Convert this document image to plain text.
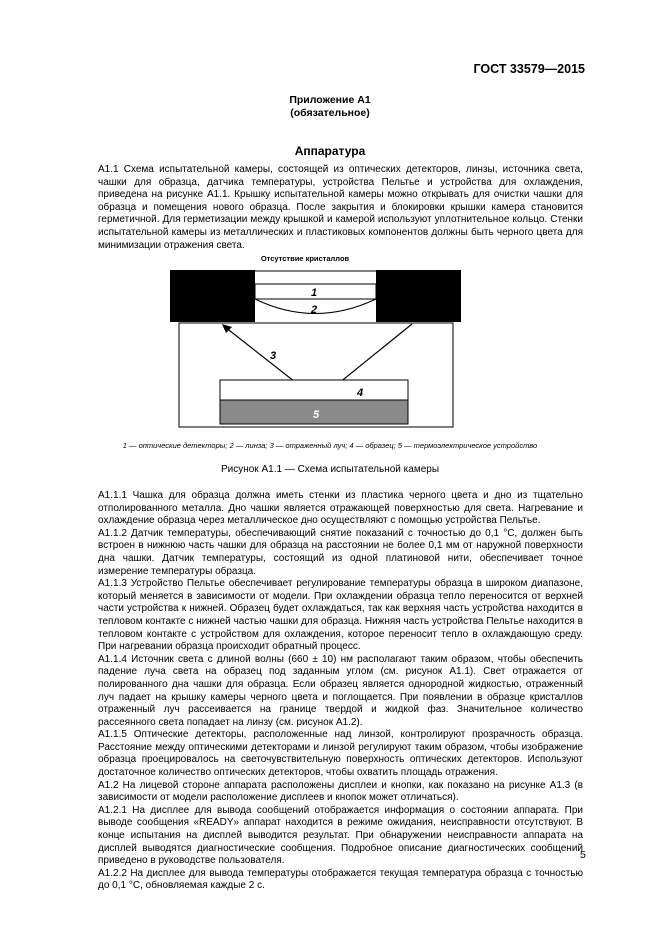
ГОСТ 33579—2015
Приложение А1
(обязательное)
Аппаратура

А1.1 Схема испытательной камеры, состоящей из оптических детекторов, линзы, источника света, чашки для образца, датчика температуры, устройства Пельтье и устройства для охлаждения, приведена на рисунке А1.1. Крышку испытательной камеры можно открывать для очистки чашки для образца и помещения нового образца. После закрытия и блокировки крышки камера становится герметичной. Для герметизации между крышкой и камерой используют уплотнительное кольцо. Стенки испытательной камеры из металлических и пластиковых компонентов должны быть черного цвета для минимизации отражения света.

Отсутствие кристаллов
1
2
3
4
5
1 — оптические детекторы; 2 — линза; 3 — отраженный луч; 4 — образец; 5 — термоэлектрическое устройство
Рисунок А1.1 — Схема испытательной камеры

А1.1.1 Чашка для образца должна иметь стенки из пластика черного цвета и дно из тщательно отполированного металла. Дно чашки является отражающей поверхностью для света. Нагревание и охлаждение образца через металлическое дно осуществляют с помощью устройства Пельтье.

А1.1.2 Датчик температуры, обеспечивающий снятие показаний с точностью до 0,1 °С, должен быть встроен в нижнюю часть чашки для образца на расстоянии не более 0,1 мм от наружной поверхности дна чашки. Датчик температуры, состоящий из одной платиновой нити, обеспечивает точное измерение температуры образца.

А1.1.3 Устройство Пельтье обеспечивает регулирование температуры образца в широком диапазоне, который меняется в зависимости от модели. При охлаждении образца тепло переносится от верхней части устройства к нижней. Образец будет охлаждаться, так как верхняя часть устройства находится в тепловом контакте с нижней частью чашки для образца. Нижняя часть устройства Пельтье находится в тепловом контакте с устройством для охлаждения, которое переносит тепло в охлаждающую среду. При нагревании образца происходит обратный процесс.

А1.1.4 Источник света с длиной волны (660 ± 10) нм располагают таким образом, чтобы обеспечить падение луча света на образец под заданным углом (см. рисунок А1.1). Свет отражается от полированного дна чашки для образца. Если образец является однородной жидкостью, отраженный луч падает на крышку камеры черного цвета и поглощается. При появлении в образце кристаллов отраженный луч рассеивается на границе твердой и жидкой фаз. Значительное количество рассеянного света попадает на линзу (см. рисунок А1.2).

А1.1.5 Оптические детекторы, расположенные над линзой, контролируют прозрачность образца. Расстояние между оптическими детекторами и линзой регулируют таким образом, чтобы изображение образца проецировалось на светочувствительную поверхность оптических детекторов. Используют достаточное количество оптических детекторов, чтобы охватить площадь отражения.

А1.2 На лицевой стороне аппарата расположены дисплеи и кнопки, как показано на рисунке А1.3 (в зависимости от модели расположение дисплеев и кнопок может отличаться).

А1.2.1 На дисплее для вывода сообщений отображается информация о состоянии аппарата. При выводе сообщения «READY» аппарат находится в режиме ожидания, неисправности отсутствуют. В конце испытания на дисплей выводится результат. При обнаружении неисправности аппарата на дисплей выводятся диагностические сообщения. Подробное описание диагностических сообщений приведено в руководстве пользователя.

А1.2.2 На дисплее для вывода температуры отображается текущая температура образца с точностью до 0,1 °С, обновляемая каждые 2 с.

5
